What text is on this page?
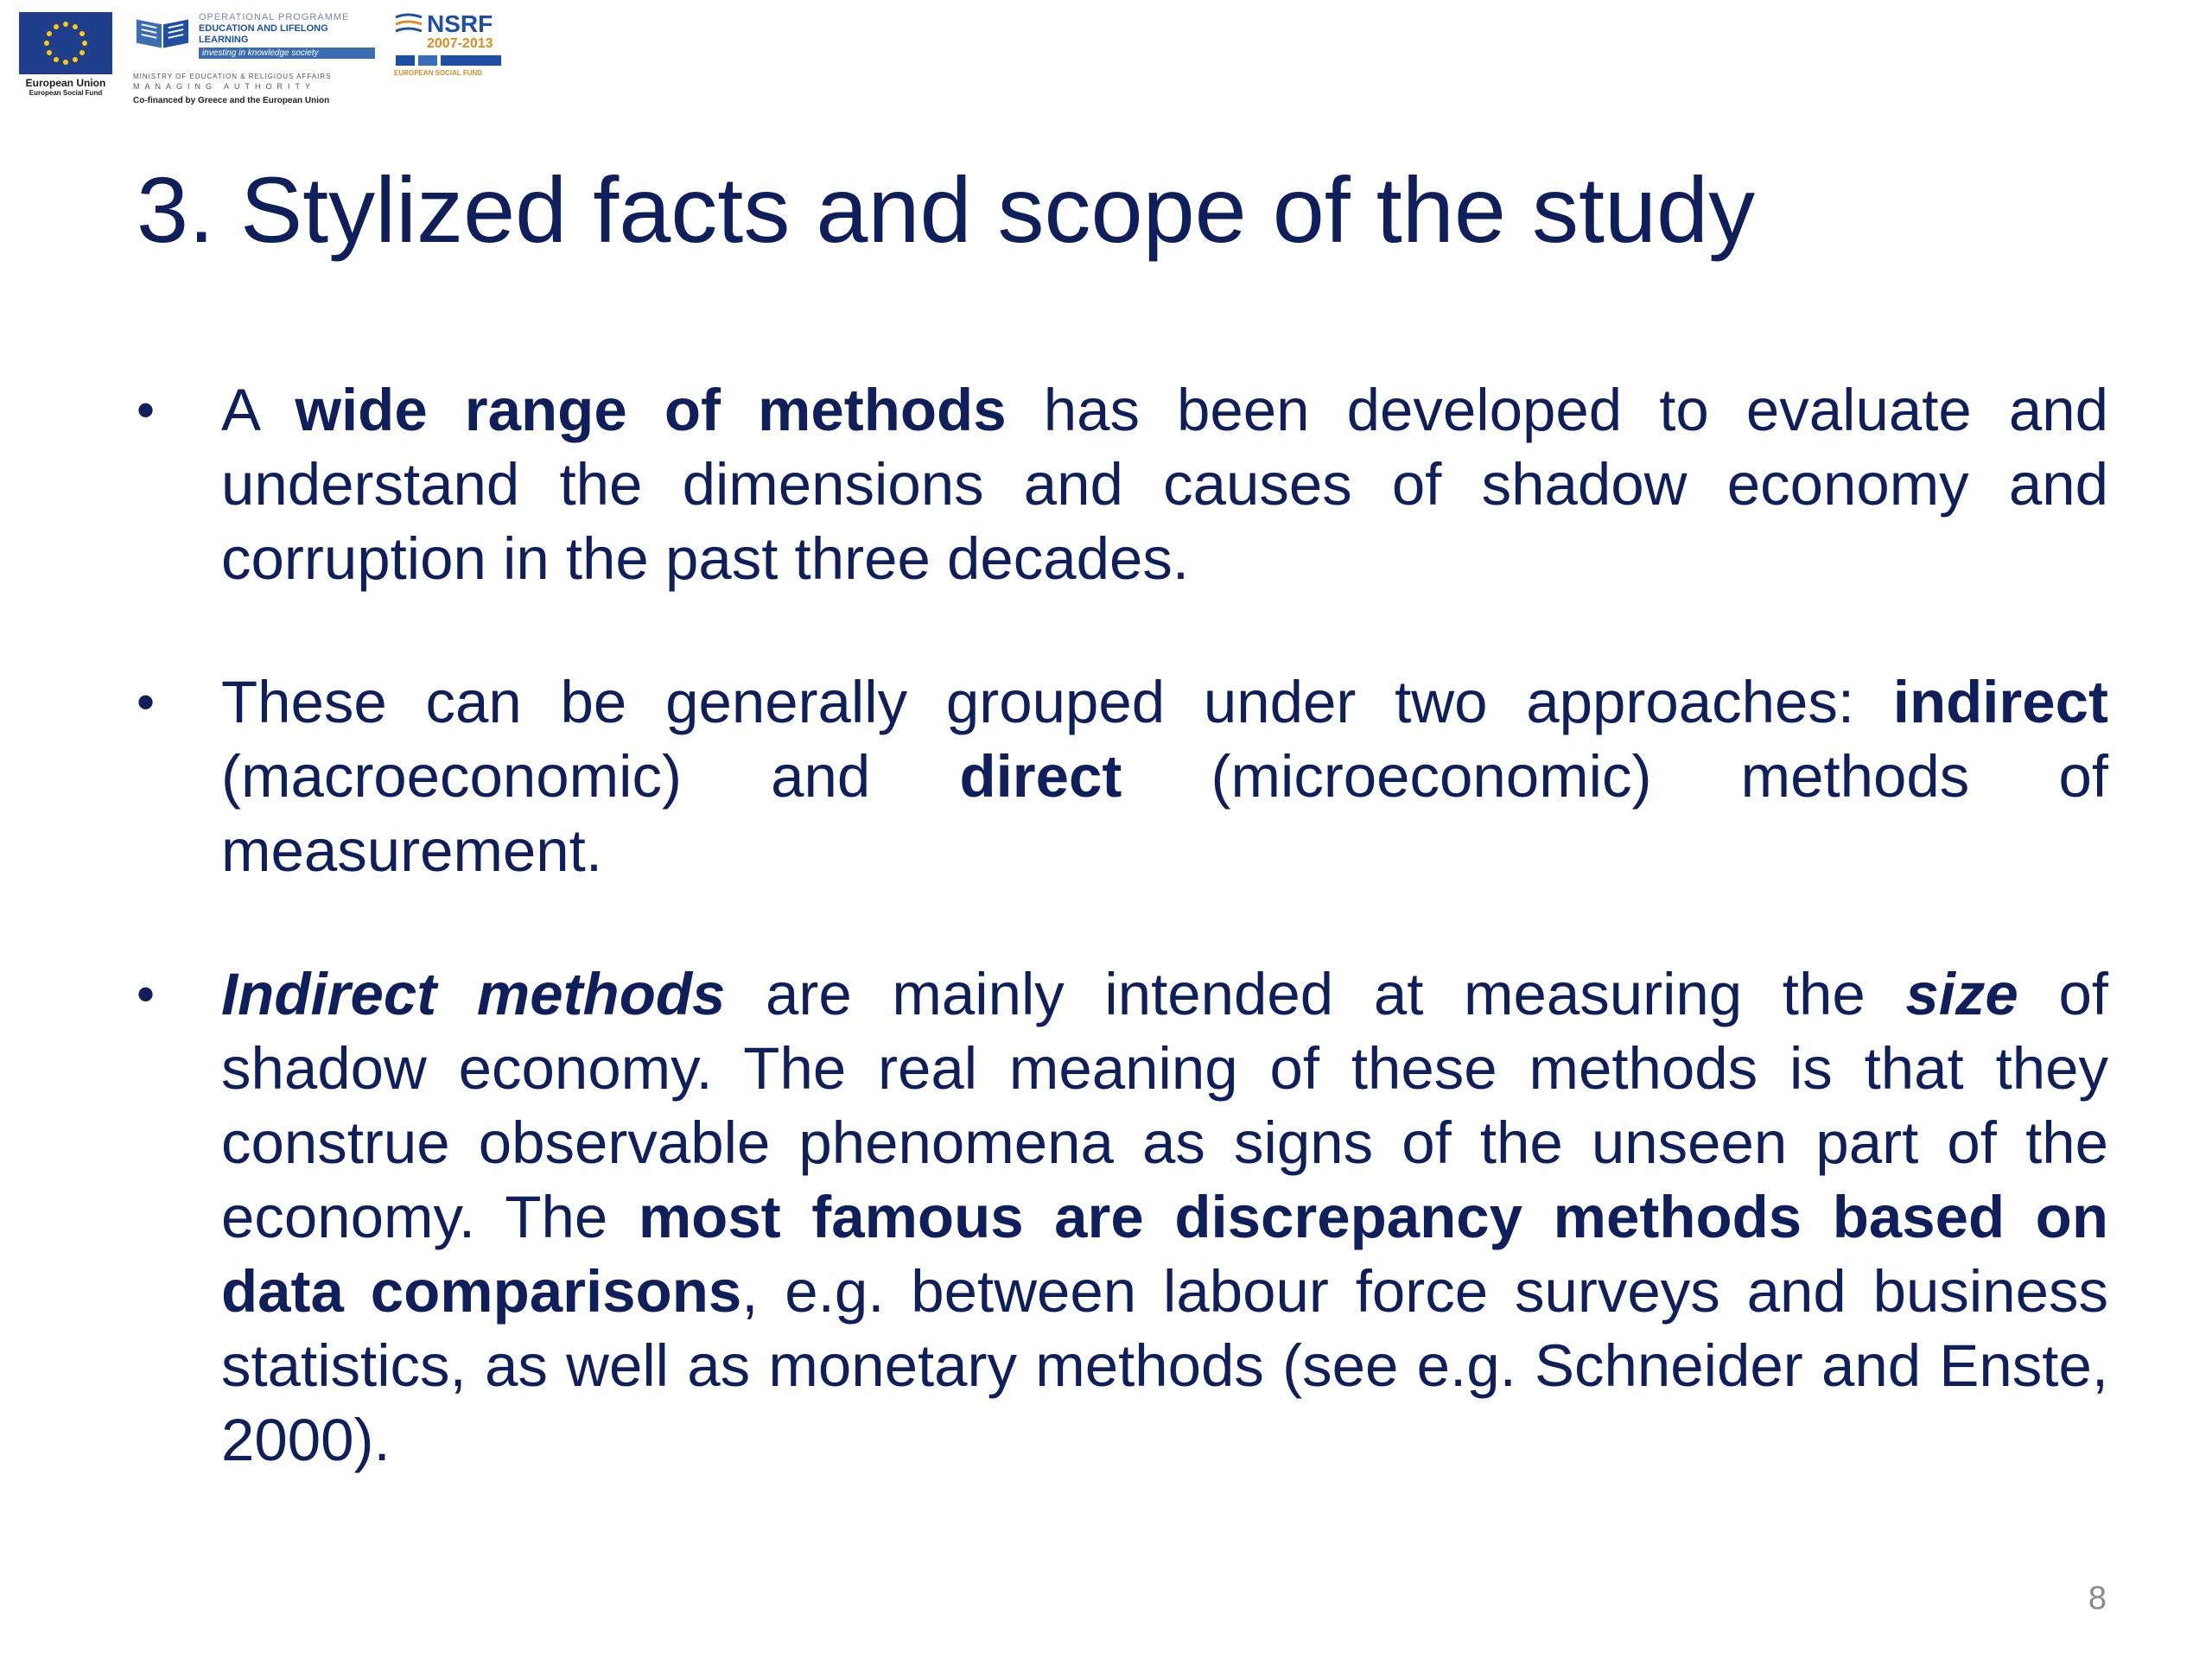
European Union
European Social Fund
OPERATIONAL PROGRAMME
EDUCATION AND LIFELONG LEARNING
investing in knowledge society
MINISTRY OF EDUCATION & RELIGIOUS AFFAIRS
MANAGING AUTHORITY
Co-financed by Greece and the European Union
NSRF
2007-2013
EUROPEAN SOCIAL FUND
3. Stylized facts and scope of the study
• A wide range of methods has been developed to evaluate and understand the dimensions and causes of shadow economy and corruption in the past three decades.
• These can be generally grouped under two approaches: indirect (macroeconomic) and direct (microeconomic) methods of measurement.
• Indirect methods are mainly intended at measuring the size of shadow economy. The real meaning of these methods is that they construe observable phenomena as signs of the unseen part of the economy. The most famous are discrepancy methods based on data comparisons, e.g. between labour force surveys and business statistics, as well as monetary methods (see e.g. Schneider and Enste, 2000).
8
